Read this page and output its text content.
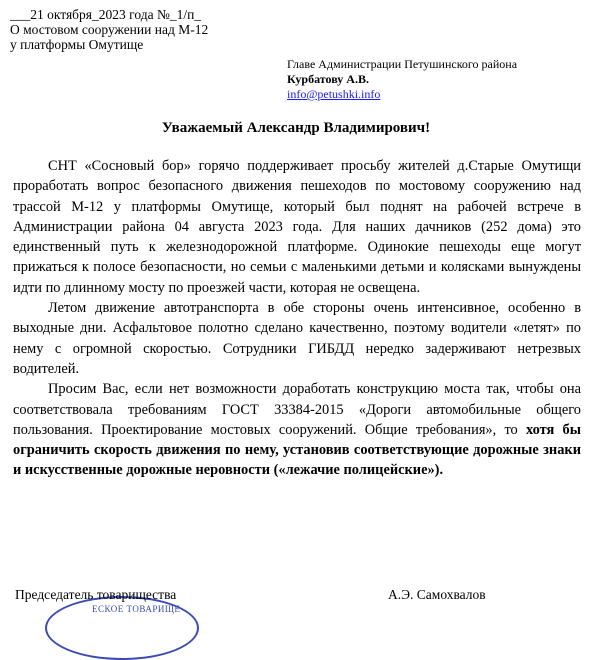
___21 октября_2023 года №_1/п_
О мостовом сооружении над М-12
у платформы Омутище
Главе Администрации Петушинского района
Курбатову А.В.
info@petushki.info
Уважаемый Александр Владимирович!

СНТ «Сосновый бор» горячо поддерживает просьбу жителей д.Старые Омутищи проработать вопрос безопасного движения пешеходов по мостовому сооружению над трассой М-12 у платформы Омутище, который был поднят на рабочей встрече в Администрации района 04 августа 2023 года. Для наших дачников (252 дома) это единственный путь к железнодорожной платформе. Одинокие пешеходы еще могут прижаться к полосе безопасности, но семьи с маленькими детьми и колясками вынуждены идти по длинному мосту по проезжей части, которая не освещена.

Летом движение автотранспорта в обе стороны очень интенсивное, особенно в выходные дни. Асфальтовое полотно сделано качественно, поэтому водители «летят» по нему с огромной скоростью. Сотрудники ГИБДД нередко задерживают нетрезвых водителей.

Просим Вас, если нет возможности доработать конструкцию моста так, чтобы она соответствовала требованиям ГОСТ 33384-2015 «Дороги автомобильные общего пользования. Проектирование мостовых сооружений. Общие требования», то хотя бы ограничить скорость движения по нему, установив соответствующие дорожные знаки и искусственные дорожные неровности («лежачие полицейские»).

ЕСКОЕ ТОВАРИЩЕ
Председатель товарищества	А.Э. Самохвалов
